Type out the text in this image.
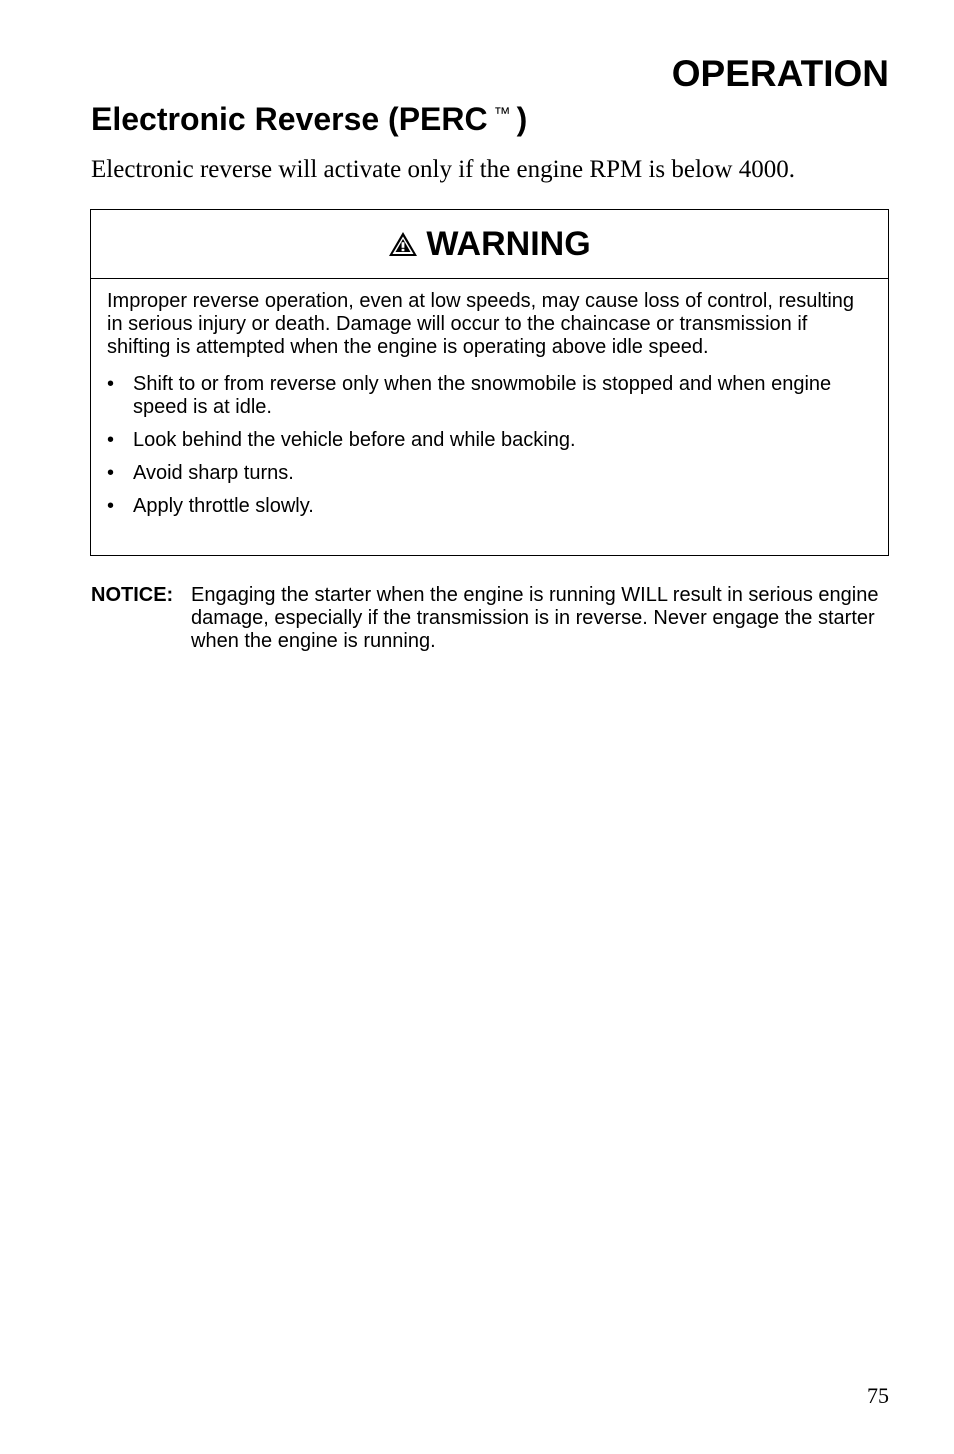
OPERATION
Electronic Reverse (PERC ™ )

Electronic reverse will activate only if the engine RPM is below 4000.

WARNING

Improper reverse operation, even at low speeds, may cause loss of control, resulting in serious injury or death. Damage will occur to the chaincase or transmission if shifting is attempted when the engine is operating above idle speed.

• Shift to or from reverse only when the snowmobile is stopped and when engine speed is at idle.
• Look behind the vehicle before and while backing.
• Avoid sharp turns.
• Apply throttle slowly.
NOTICE: Engaging the starter when the engine is running WILL result in serious engine damage, especially if the transmission is in reverse. Never engage the starter when the engine is running.
75
